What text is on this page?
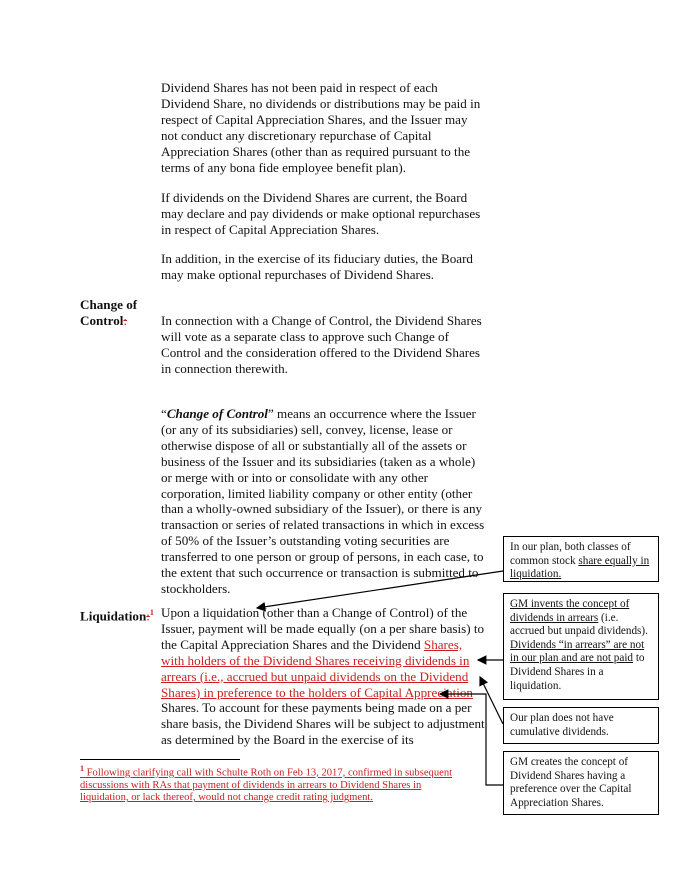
Dividend Shares has not been paid in respect of each Dividend Share, no dividends or distributions may be paid in respect of Capital Appreciation Shares, and the Issuer may not conduct any discretionary repurchase of Capital Appreciation Shares (other than as required pursuant to the terms of any bona fide employee benefit plan).

If dividends on the Dividend Shares are current, the Board may declare and pay dividends or make optional repurchases in respect of Capital Appreciation Shares.

In addition, in the exercise of its fiduciary duties, the Board may make optional repurchases of Dividend Shares.

Change of
Control:	In connection with a Change of Control, the Dividend Shares will vote as a separate class to approve such Change of Control and the consideration offered to the Dividend Shares in connection therewith.

“Change of Control” means an occurrence where the Issuer (or any of its subsidiaries) sell, convey, license, lease or otherwise dispose of all or substantially all of the assets or business of the Issuer and its subsidiaries (taken as a whole) or merge with or into or consolidate with any other corporation, limited liability company or other entity (other than a wholly-owned subsidiary of the Issuer), or there is any transaction or series of related transactions in which in excess of 50% of the Issuer’s outstanding voting securities are transferred to one person or group of persons, in each case, to the extent that such occurrence or transaction is submitted to stockholders.

Liquidation:$^1$ Upon a liquidation (other than a Change of Control) of the Issuer, payment will be made equally (on a per share basis) to the Capital Appreciation Shares and the Dividend Shares, with holders of the Dividend Shares receiving dividends in arrears (i.e., accrued but unpaid dividends on the Dividend Shares) in preference to the holders of Capital Appreciation Shares. To account for these payments being made on a per share basis, the Dividend Shares will be subject to adjustment as determined by the Board in the exercise of its

$^1$ Following clarifying call with Schulte Roth on Feb 13, 2017, confirmed in subsequent discussions with RAs that payment of dividends in arrears to Dividend Shares in liquidation, or lack thereof, would not change credit rating judgment.
In our plan, both classes of common stock share equally in liquidation.
GM invents the concept of dividends in arrears (i.e. accrued but unpaid dividends). Dividends “in arrears” are not in our plan and are not paid to Dividend Shares in a liquidation.
Our plan does not have cumulative dividends.
GM creates the concept of Dividend Shares having a preference over the Capital Appreciation Shares.
